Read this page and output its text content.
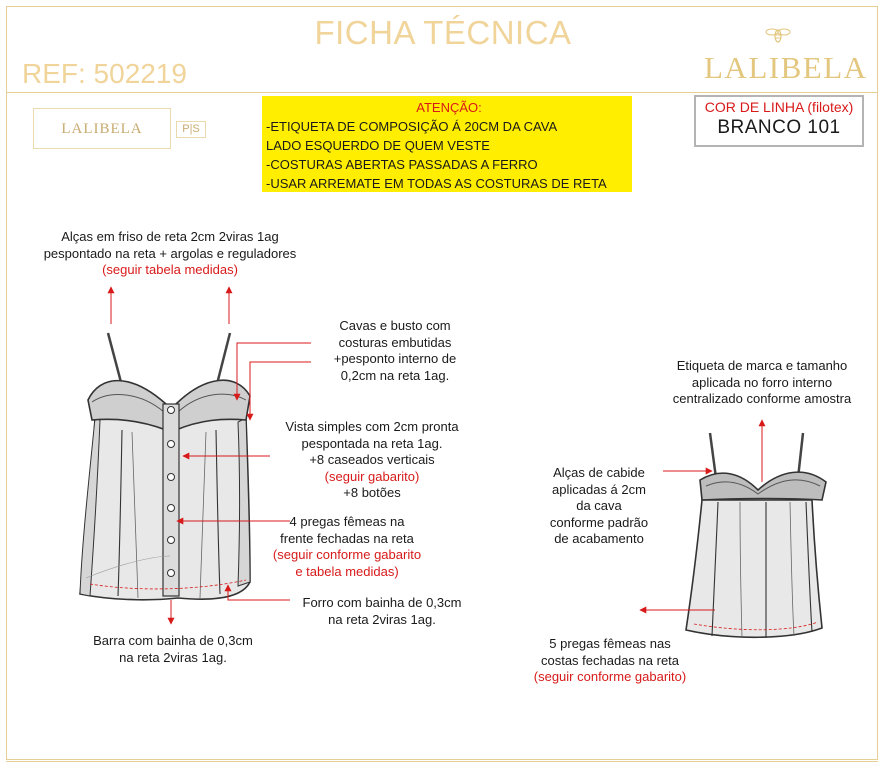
FICHA TÉCNICA
REF: 502219	LALIBELA
LALIBELA	P|S
ATENÇÃO:
-ETIQUETA DE COMPOSIÇÃO Á 20CM DA CAVA
LADO ESQUERDO DE QUEM VESTE
-COSTURAS ABERTAS PASSADAS A FERRO
-USAR ARREMATE EM TODAS AS COSTURAS DE RETA
COR DE LINHA (filotex)
BRANCO 101
Alças em friso de reta 2cm 2viras 1ag
pespontado na reta + argolas e reguladores
(seguir tabela medidas)
Cavas e busto com
costuras embutidas
+pesponto interno de
0,2cm na reta 1ag.
Vista simples com 2cm pronta
pespontada na reta 1ag.
+8 caseados verticais
(seguir gabarito)
+8 botões
4 pregas fêmeas na
frente fechadas na reta
(seguir conforme gabarito
e tabela medidas)
Forro com bainha de 0,3cm
na reta 2viras 1ag.
Barra com bainha de 0,3cm
na reta 2viras 1ag.
Etiqueta de marca e tamanho
aplicada no forro interno
centralizado conforme amostra
Alças de cabide
aplicadas á 2cm
da cava
conforme padrão
de acabamento
5 pregas fêmeas nas
costas fechadas na reta
(seguir conforme gabarito)
